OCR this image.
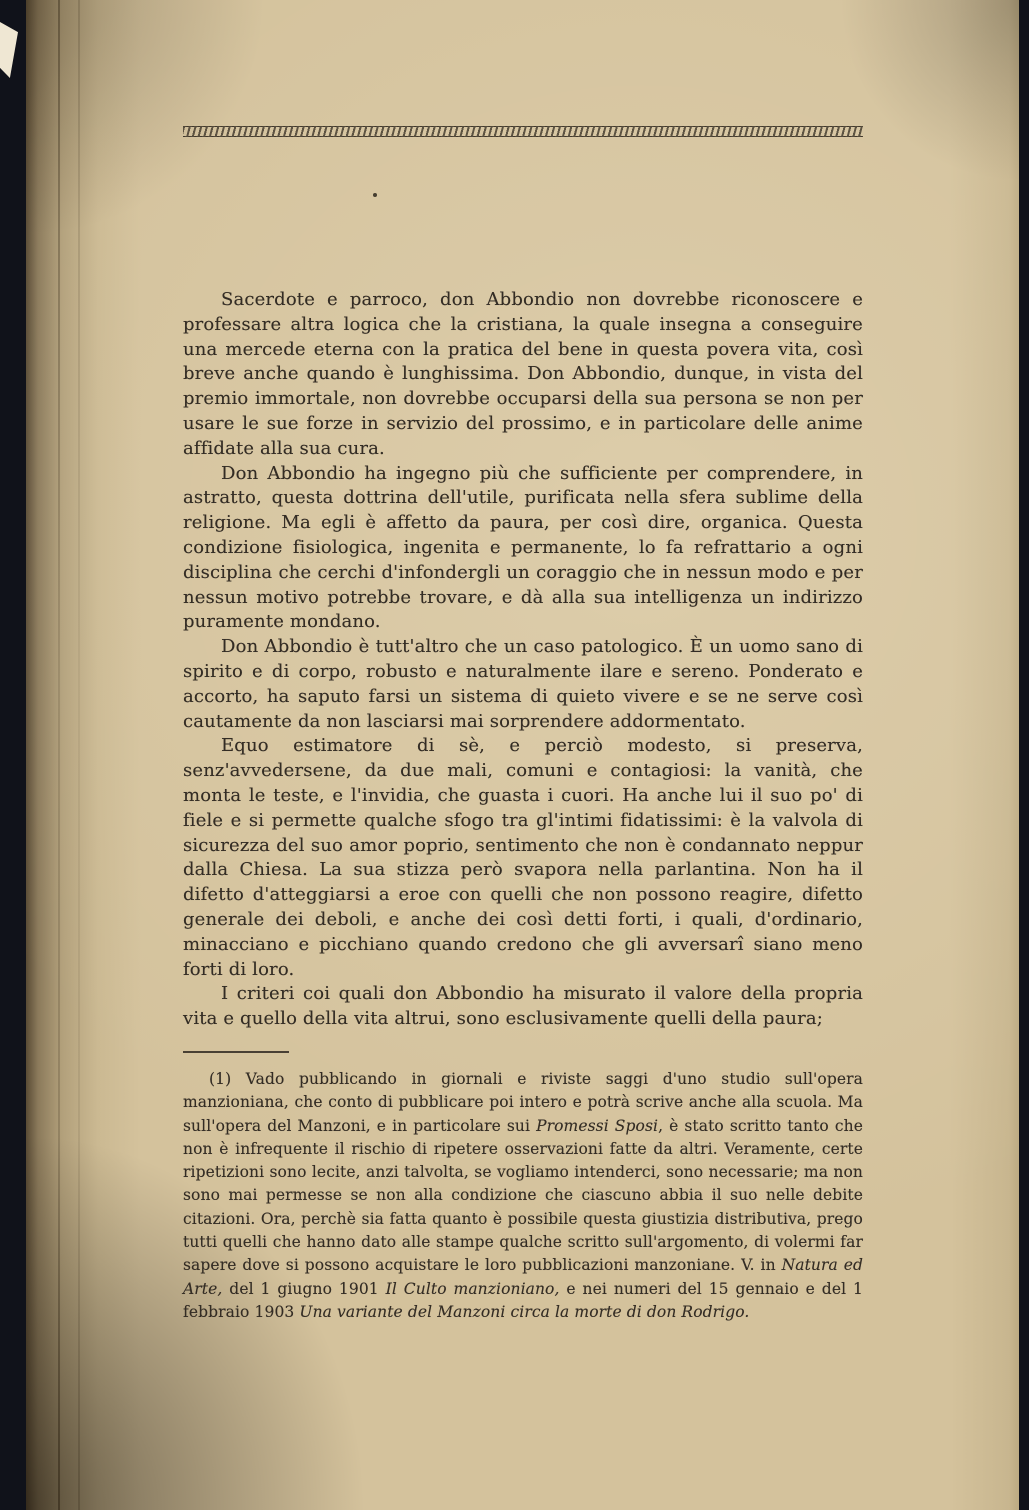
Sacerdote e parroco, don Abbondio non dovrebbe riconoscere e professare altra logica che la cristiana, la quale insegna a conseguire una mercede eterna con la pratica del bene in questa povera vita, così breve anche quando è lunghissima. Don Abbondio, dunque, in vista del premio immortale, non dovrebbe occuparsi della sua persona se non per usare le sue forze in servizio del prossimo, e in particolare delle anime affidate alla sua cura.

Don Abbondio ha ingegno più che sufficiente per comprendere, in astratto, questa dottrina dell'utile, purificata nella sfera sublime della religione. Ma egli è affetto da paura, per così dire, organica. Questa condizione fisiologica, ingenita e permanente, lo fa refrattario a ogni disciplina che cerchi d'infondergli un coraggio che in nessun modo e per nessun motivo potrebbe trovare, e dà alla sua intelligenza un indirizzo puramente mondano.

Don Abbondio è tutt'altro che un caso patologico. È un uomo sano di spirito e di corpo, robusto e naturalmente ilare e sereno. Ponderato e accorto, ha saputo farsi un sistema di quieto vivere e se ne serve così cautamente da non lasciarsi mai sorprendere addormentato.

Equo estimatore di sè, e perciò modesto, si preserva, senz'avvedersene, da due mali, comuni e contagiosi: la vanità, che monta le teste, e l'invidia, che guasta i cuori. Ha anche lui il suo po' di fiele e si permette qualche sfogo tra gl'intimi fidatissimi: è la valvola di sicurezza del suo amor poprio, sentimento che non è condannato neppur dalla Chiesa. La sua stizza però svapora nella parlantina. Non ha il difetto d'atteggiarsi a eroe con quelli che non possono reagire, difetto generale dei deboli, e anche dei così detti forti, i quali, d'ordinario, minacciano e picchiano quando credono che gli avversarî siano meno forti di loro.

I criteri coi quali don Abbondio ha misurato il valore della propria vita e quello della vita altrui, sono esclusivamente quelli della paura;

(1) Vado pubblicando in giornali e riviste saggi d'uno studio sull'opera manzioniana, che conto di pubblicare poi intero e potrà scrive anche alla scuola. Ma sull'opera del Manzoni, e in particolare sui Promessi Sposi, è stato scritto tanto che non è infrequente il rischio di ripetere osservazioni fatte da altri. Veramente, certe ripetizioni sono lecite, anzi talvolta, se vogliamo intenderci, sono necessarie; ma non sono mai permesse se non alla condizione che ciascuno abbia il suo nelle debite citazioni. Ora, perchè sia fatta quanto è possibile questa giustizia distributiva, prego tutti quelli che hanno dato alle stampe qualche scritto sull'argomento, di volermi far sapere dove si possono acquistare le loro pubblicazioni manzoniane. V. in Natura ed Arte, del 1 giugno 1901 Il Culto manzioniano, e nei numeri del 15 gennaio e del 1 febbraio 1903 Una variante del Manzoni circa la morte di don Rodrigo.
